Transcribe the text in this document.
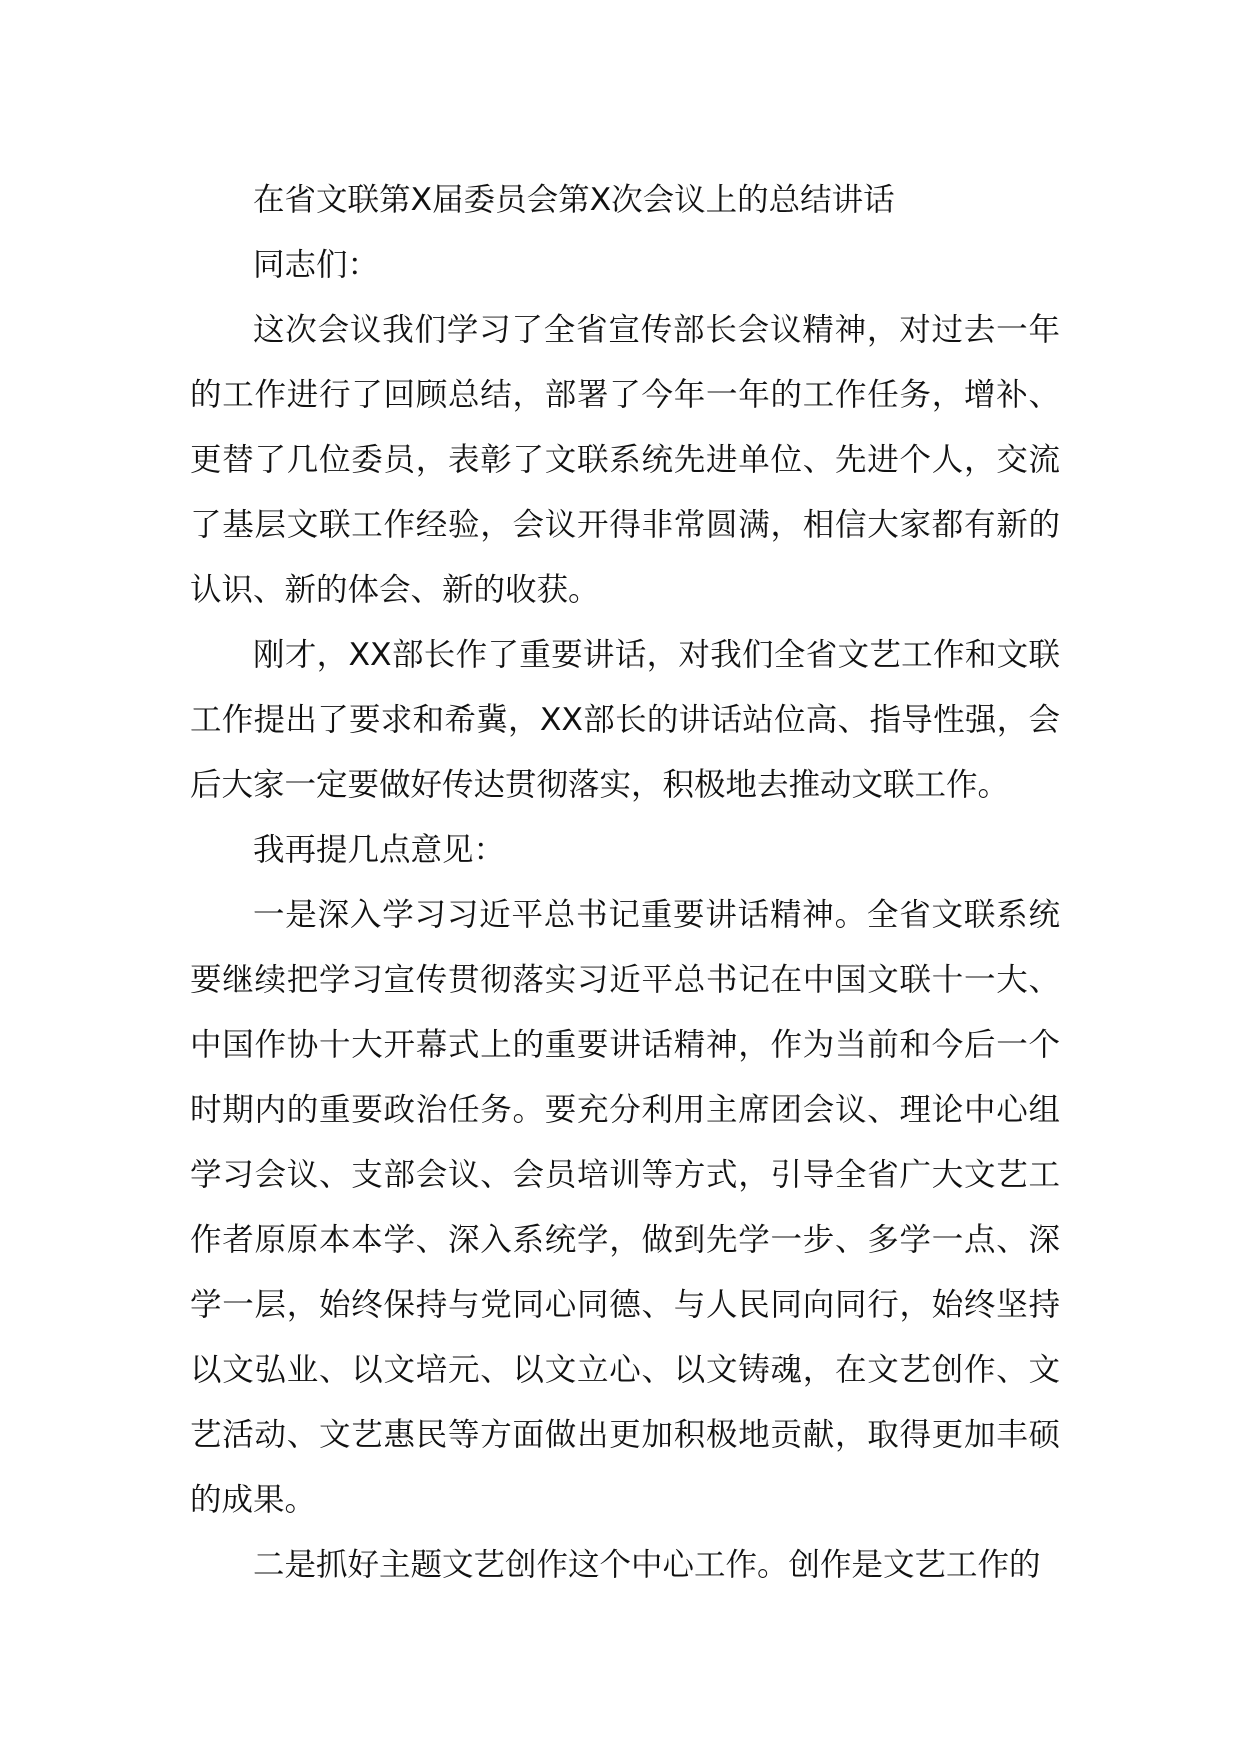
在省文联第X届委员会第X次会议上的总结讲话

同志们：

这次会议我们学习了全省宣传部长会议精神，对过去一年的工作进行了回顾总结，部署了今年一年的工作任务，增补、更替了几位委员，表彰了文联系统先进单位、先进个人，交流了基层文联工作经验，会议开得非常圆满，相信大家都有新的认识、新的体会、新的收获。

刚才，XX部长作了重要讲话，对我们全省文艺工作和文联工作提出了要求和希冀，XX部长的讲话站位高、指导性强，会后大家一定要做好传达贯彻落实，积极地去推动文联工作。

我再提几点意见：

一是深入学习习近平总书记重要讲话精神。全省文联系统要继续把学习宣传贯彻落实习近平总书记在中国文联十一大、中国作协十大开幕式上的重要讲话精神，作为当前和今后一个时期内的重要政治任务。要充分利用主席团会议、理论中心组学习会议、支部会议、会员培训等方式，引导全省广大文艺工作者原原本本学、深入系统学，做到先学一步、多学一点、深学一层，始终保持与党同心同德、与人民同向同行，始终坚持以文弘业、以文培元、以文立心、以文铸魂，在文艺创作、文艺活动、文艺惠民等方面做出更加积极地贡献，取得更加丰硕的成果。

二是抓好主题文艺创作这个中心工作。创作是文艺工作的
